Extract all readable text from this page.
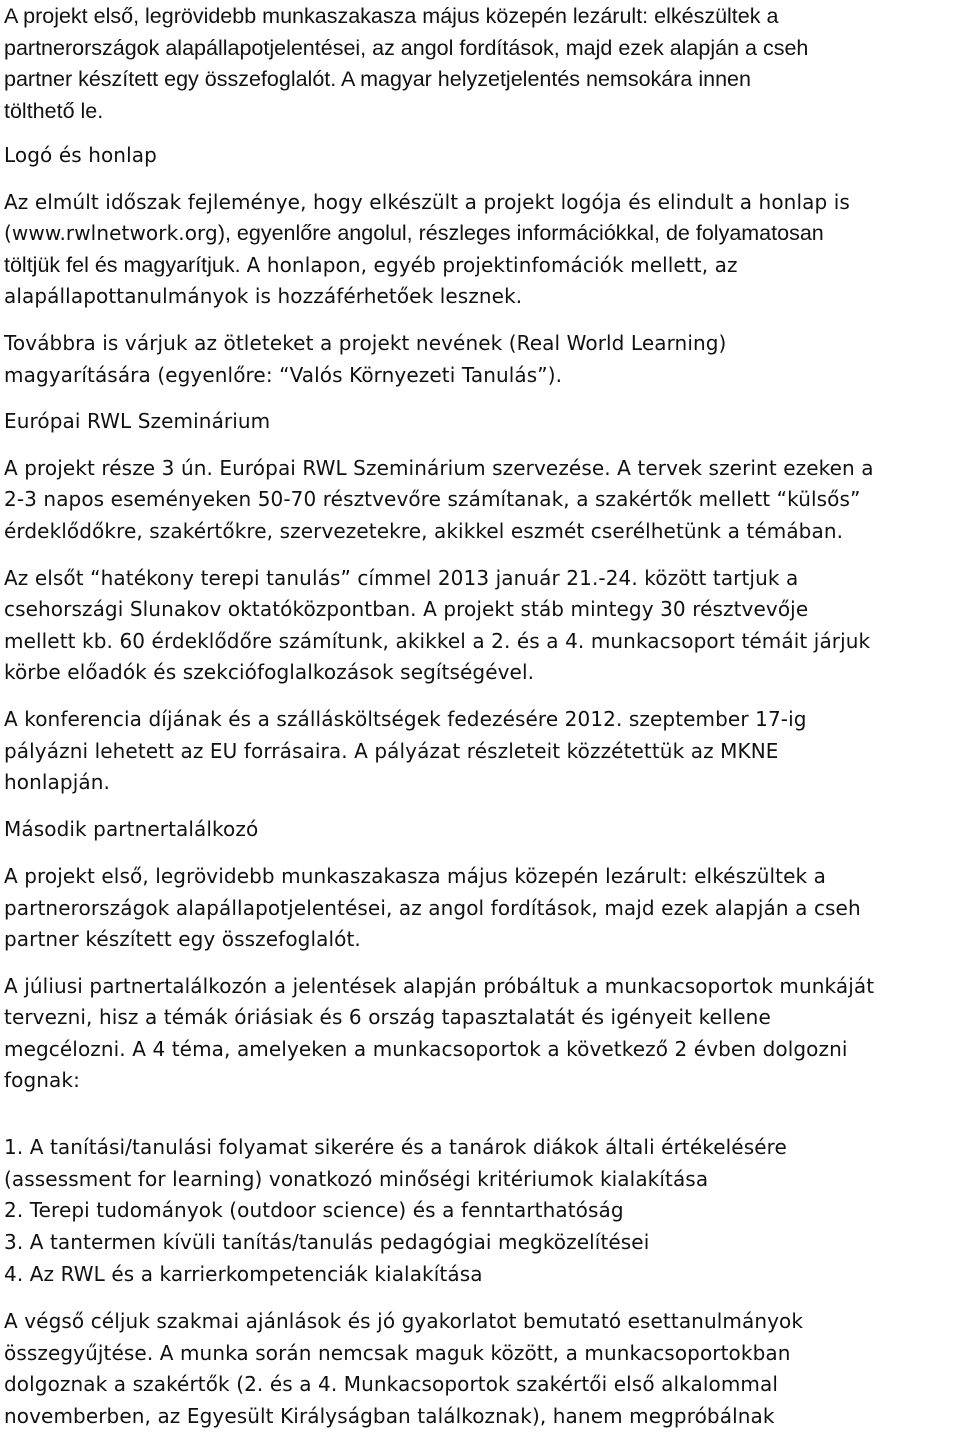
A projekt első, legrövidebb munkaszakasza május közepén lezárult: elkészültek a
partnerországok alapállapotjelentései, az angol fordítások, majd ezek alapján a cseh
partner készített egy összefoglalót. A magyar helyzetjelentés nemsokára innen
tölthető le.
Logó és honlap
Az elmúlt időszak fejleménye, hogy elkészült a projekt logója és elindult a honlap is
(www.rwlnetwork.org), egyenlőre angolul, részleges információkkal, de folyamatosan
töltjük fel és magyarítjuk. A honlapon, egyéb projektinfomációk mellett, az
alapállapottanulmányok is hozzáférhetőek lesznek.
Továbbra is várjuk az ötleteket a projekt nevének (Real World Learning)
magyarítására (egyenlőre: “Valós Környezeti Tanulás”).
Európai RWL Szeminárium
A projekt része 3 ún. Európai RWL Szeminárium szervezése. A tervek szerint ezeken a
2-3 napos eseményeken 50-70 résztvevőre számítanak, a szakértők mellett “külsős”
érdeklődőkre, szakértőkre, szervezetekre, akikkel eszmét cserélhetünk a témában.
Az elsőt “hatékony terepi tanulás” címmel 2013 január 21.-24. között tartjuk a
csehországi Slunakov oktatóközpontban. A projekt stáb mintegy 30 résztvevője
mellett kb. 60 érdeklődőre számítunk, akikkel a 2. és a 4. munkacsoport témáit járjuk
körbe előadók és szekciófoglalkozások segítségével.
A konferencia díjának és a szállásköltségek fedezésére 2012. szeptember 17-ig
pályázni lehetett az EU forrásaira. A pályázat részleteit közzétettük az MKNE
honlapján.
Második partnertalálkozó
A projekt első, legrövidebb munkaszakasza május közepén lezárult: elkészültek a
partnerországok alapállapotjelentései, az angol fordítások, majd ezek alapján a cseh
partner készített egy összefoglalót.
A júliusi partnertalálkozón a jelentések alapján próbáltuk a munkacsoportok munkáját
tervezni, hisz a témák óriásiak és 6 ország tapasztalatát és igényeit kellene
megcélozni. A 4 téma, amelyeken a munkacsoportok a következő 2 évben dolgozni
fognak:
1. A tanítási/tanulási folyamat sikerére és a tanárok diákok általi értékelésére
(assessment for learning) vonatkozó minőségi kritériumok kialakítása
2. Terepi tudományok (outdoor science) és a fenntarthatóság
3. A tantermen kívüli tanítás/tanulás pedagógiai megközelítései
4. Az RWL és a karrierkompetenciák kialakítása
A végső céljuk szakmai ajánlások és jó gyakorlatot bemutató esettanulmányok
összegyűjtése. A munka során nemcsak maguk között, a munkacsoportokban
dolgoznak a szakértők (2. és a 4. Munkacsoportok szakértői első alkalommal
novemberben, az Egyesült Királyságban találkoznak), hanem megpróbálnak
